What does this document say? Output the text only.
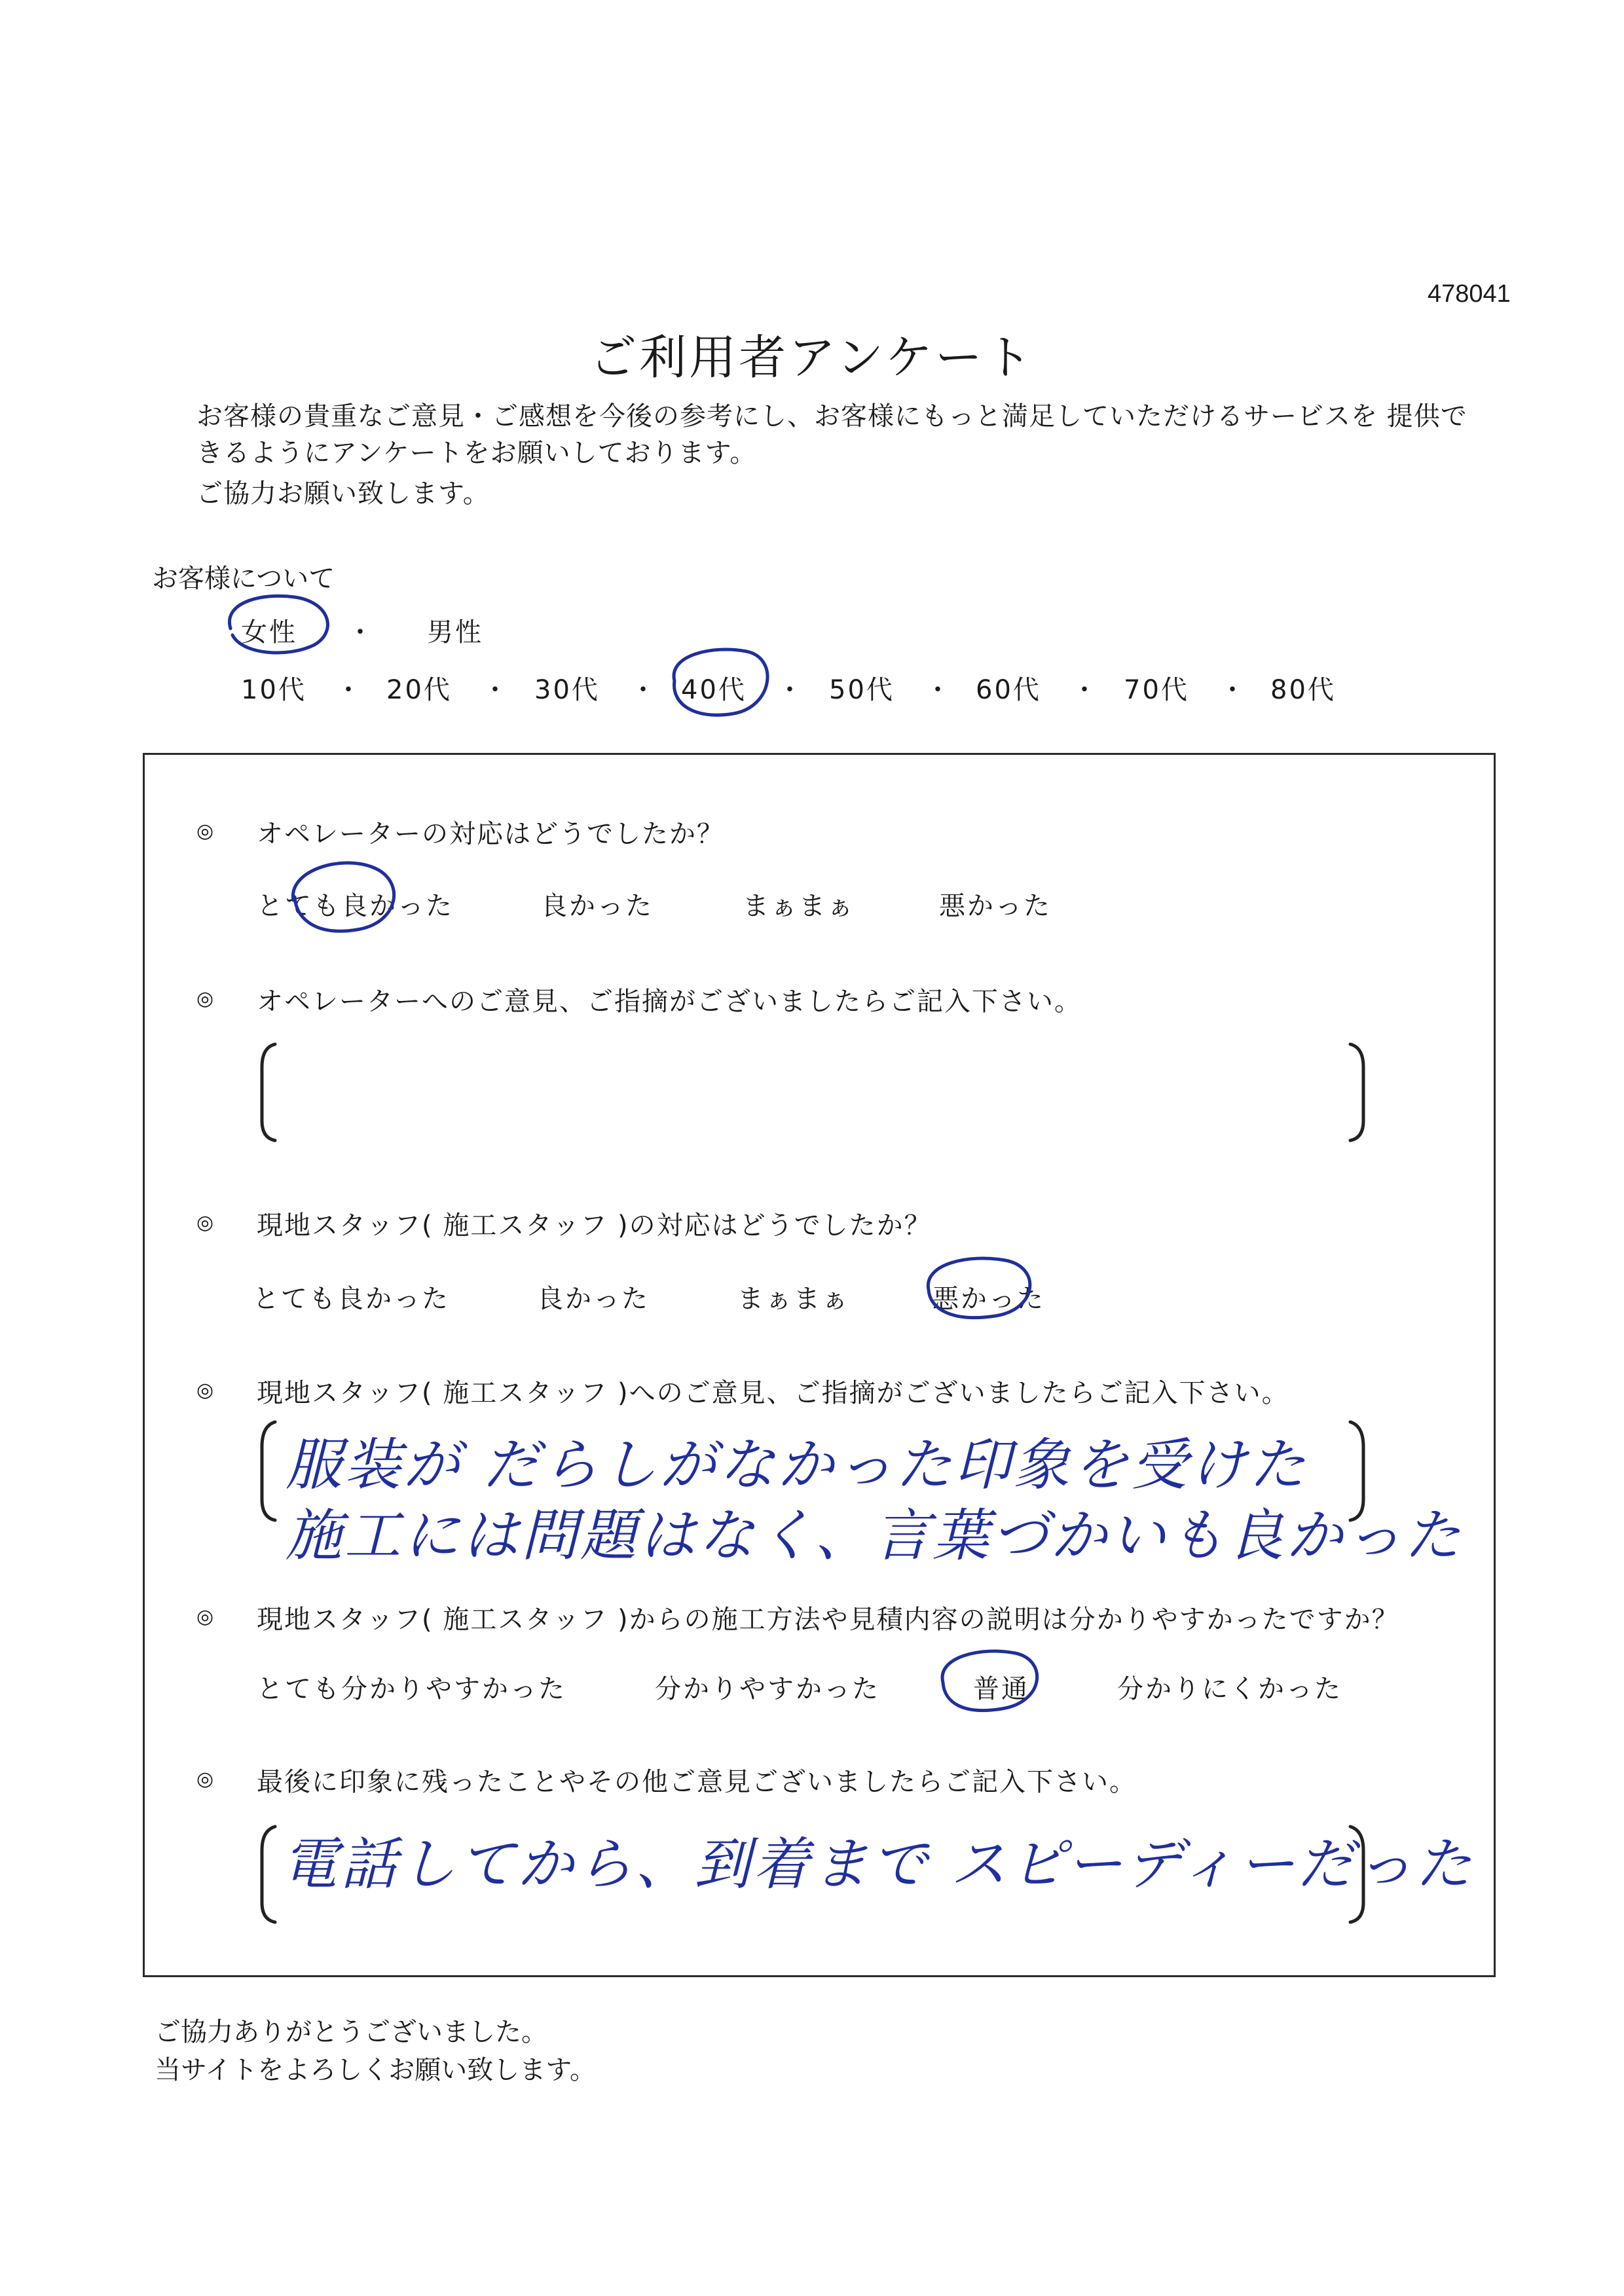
478041
ご利用者アンケート
お客様の貴重なご意見・ご感想を今後の参考にし、お客様にもっと満足していただけるサービスを 提供で
きるようにアンケートをお願いしております。
ご協力お願い致します。
お客様について
女性 ・ 男性
10代 ・ 20代 ・ 30代 ・ 40代 ・ 50代 ・ 60代 ・ 70代 ・ 80代
◎ オペレーターの対応はどうでしたか？
とても良かった	良かった	まぁまぁ	悪かった
◎ オペレーターへのご意見、ご指摘がございましたらご記入下さい。
◎ 現地スタッフ( 施工スタッフ )の対応はどうでしたか？
とても良かった	良かった	まぁまぁ	悪かった
◎ 現地スタッフ( 施工スタッフ )へのご意見、ご指摘がございましたらご記入下さい。
服装が だらしがなかった印象を受けた
施工には問題はなく、言葉づかいも良かった
◎ 現地スタッフ( 施工スタッフ )からの施工方法や見積内容の説明は分かりやすかったですか？
とても分かりやすかった	分かりやすかった	普通	分かりにくかった
◎ 最後に印象に残ったことやその他ご意見ございましたらご記入下さい。
電話してから、到着まで スピーディーだった
ご協力ありがとうございました。
当サイトをよろしくお願い致します。
